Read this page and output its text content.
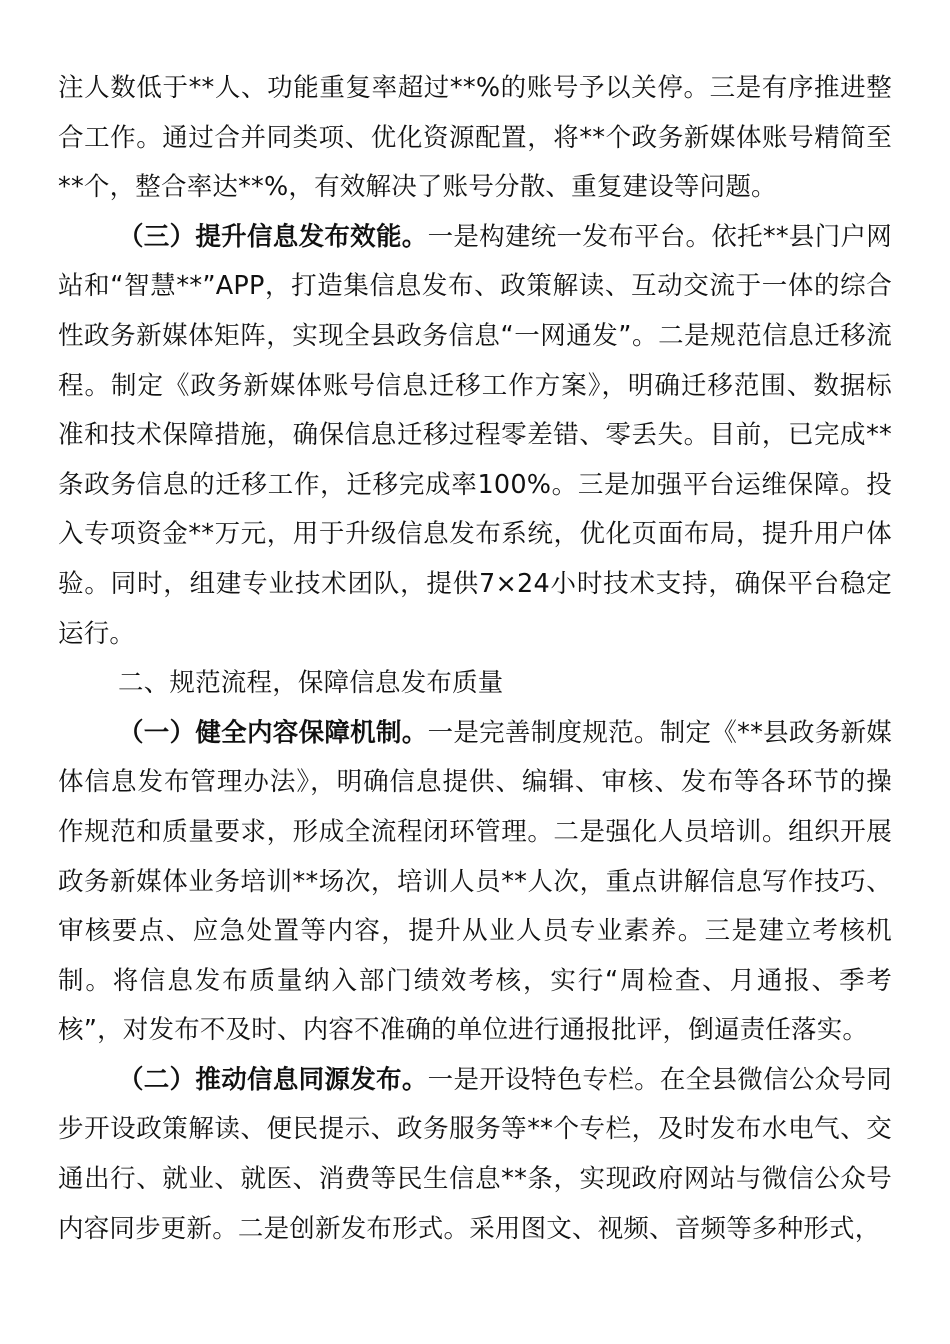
注人数低于**人、功能重复率超过**%的账号予以关停。三是有序推进整合工作。通过合并同类项、优化资源配置，将**个政务新媒体账号精简至**个，整合率达**%，有效解决了账号分散、重复建设等问题。

（三）提升信息发布效能。一是构建统一发布平台。依托**县门户网站和“智慧**”APP，打造集信息发布、政策解读、互动交流于一体的综合性政务新媒体矩阵，实现全县政务信息“一网通发”。二是规范信息迁移流程。制定《政务新媒体账号信息迁移工作方案》，明确迁移范围、数据标准和技术保障措施，确保信息迁移过程零差错、零丢失。目前，已完成**条政务信息的迁移工作，迁移完成率100%。三是加强平台运维保障。投入专项资金**万元，用于升级信息发布系统，优化页面布局，提升用户体验。同时，组建专业技术团队，提供7×24小时技术支持，确保平台稳定运行。

二、规范流程，保障信息发布质量

（一）健全内容保障机制。一是完善制度规范。制定《**县政务新媒体信息发布管理办法》，明确信息提供、编辑、审核、发布等各环节的操作规范和质量要求，形成全流程闭环管理。二是强化人员培训。组织开展政务新媒体业务培训**场次，培训人员**人次，重点讲解信息写作技巧、审核要点、应急处置等内容，提升从业人员专业素养。三是建立考核机制。将信息发布质量纳入部门绩效考核，实行“周检查、月通报、季考核”，对发布不及时、内容不准确的单位进行通报批评，倒逼责任落实。

（二）推动信息同源发布。一是开设特色专栏。在全县微信公众号同步开设政策解读、便民提示、政务服务等**个专栏，及时发布水电气、交通出行、就业、就医、消费等民生信息**条，实现政府网站与微信公众号内容同步更新。二是创新发布形式。采用图文、视频、音频等多种形式，
